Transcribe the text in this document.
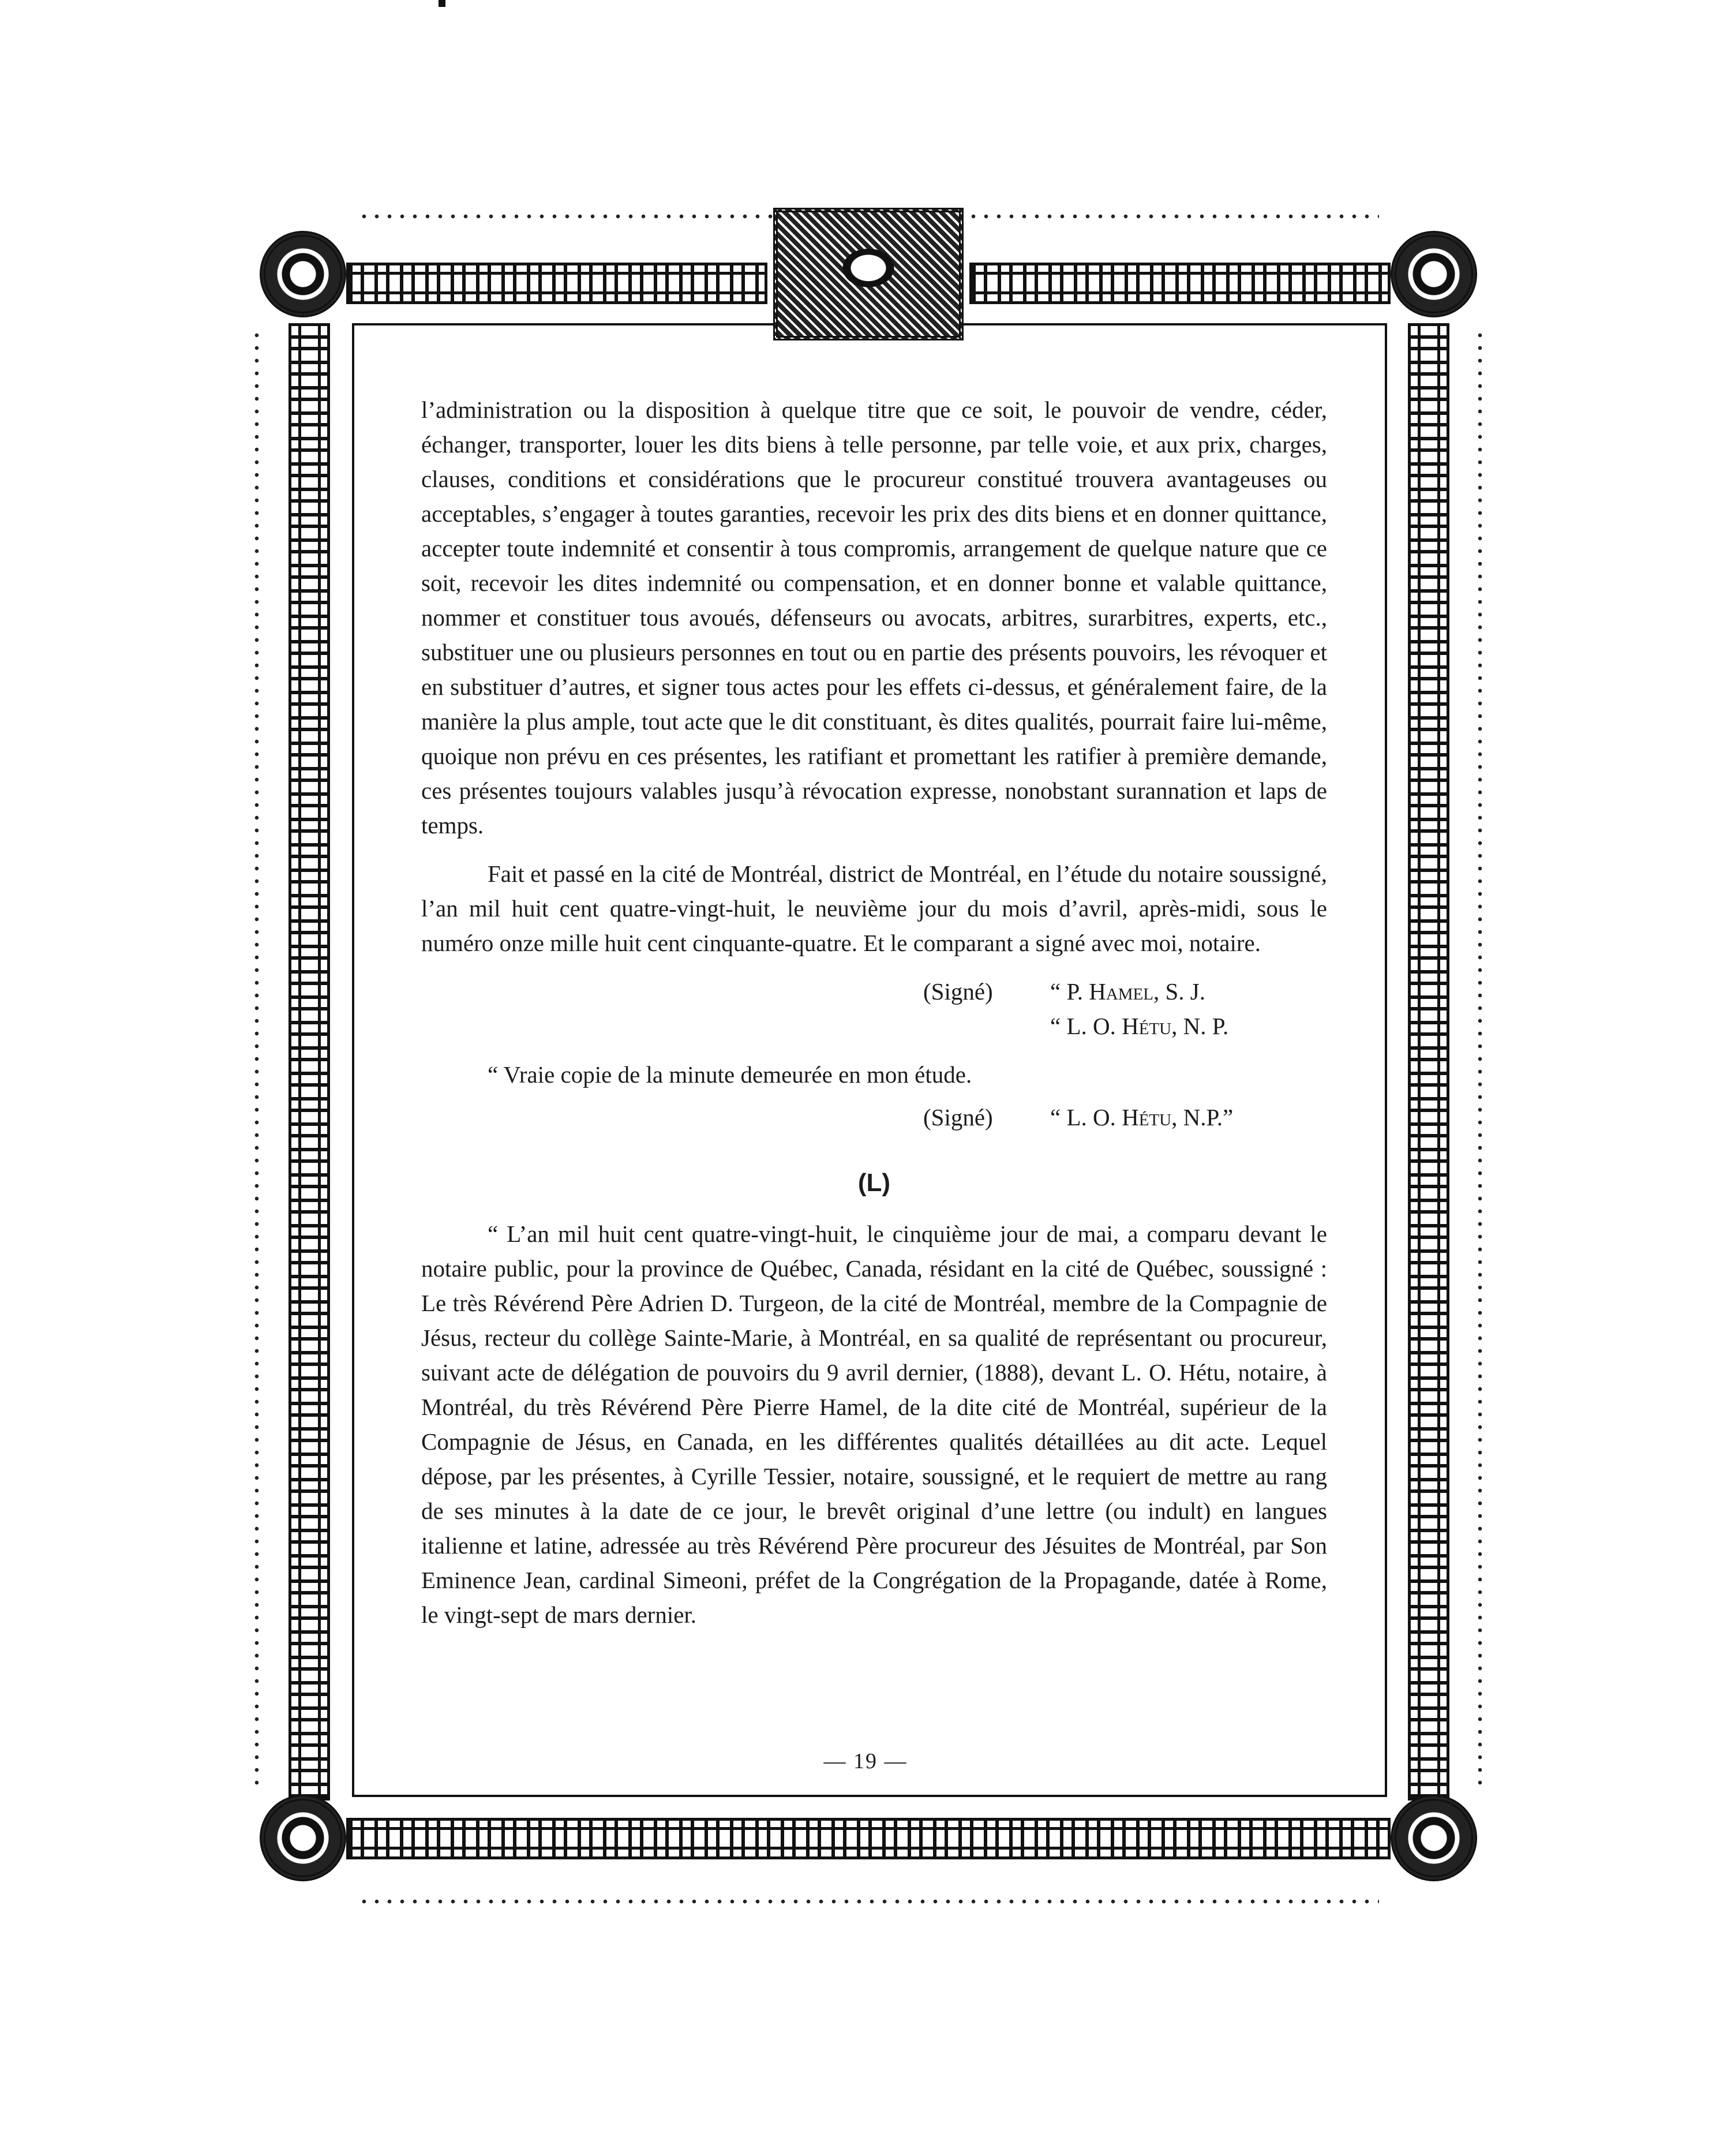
l’administration ou la disposition à quelque titre que ce soit, le pouvoir de vendre, céder, échanger, transporter, louer les dits biens à telle personne, par telle voie, et aux prix, charges, clauses, conditions et considérations que le procureur constitué trouvera avantageuses ou acceptables, s’engager à toutes garanties, recevoir les prix des dits biens et en donner quittance, accepter toute indemnité et consentir à tous compromis, arrangement de quelque nature que ce soit, recevoir les dites indemnité ou compensation, et en donner bonne et valable quittance, nommer et constituer tous avoués, défenseurs ou avocats, arbitres, surarbitres, experts, etc., substituer une ou plusieurs personnes en tout ou en partie des présents pouvoirs, les révoquer et en substituer d’autres, et signer tous actes pour les effets ci-dessus, et généralement faire, de la manière la plus ample, tout acte que le dit constituant, ès dites qualités, pourrait faire lui-même, quoique non prévu en ces présentes, les ratifiant et promettant les ratifier à première demande, ces présentes toujours valables jusqu’à révocation expresse, nonobstant surannation et laps de temps.

Fait et passé en la cité de Montréal, district de Montréal, en l’étude du notaire soussigné, l’an mil huit cent quatre-vingt-huit, le neuvième jour du mois d’avril, après-midi, sous le numéro onze mille huit cent cinquante-quatre. Et le comparant a signé avec moi, notaire.

(Signé)	“ P. Hamel, S. J.
“ L. O. Hétu, N. P.

“ Vraie copie de la minute demeurée en mon étude.

(Signé)	“ L. O. Hétu, N.P.”
(L)

“ L’an mil huit cent quatre-vingt-huit, le cinquième jour de mai, a comparu devant le notaire public, pour la province de Québec, Canada, résidant en la cité de Québec, soussigné : Le très Révérend Père Adrien D. Turgeon, de la cité de Montréal, membre de la Compagnie de Jésus, recteur du collège Sainte-Marie, à Montréal, en sa qualité de représentant ou procureur, suivant acte de délégation de pouvoirs du 9 avril dernier, (1888), devant L. O. Hétu, notaire, à Montréal, du très Révérend Père Pierre Hamel, de la dite cité de Montréal, supérieur de la Compagnie de Jésus, en Canada, en les différentes qualités détaillées au dit acte. Lequel dépose, par les présentes, à Cyrille Tessier, notaire, soussigné, et le requiert de mettre au rang de ses minutes à la date de ce jour, le brevêt original d’une lettre (ou indult) en langues italienne et latine, adressée au très Révérend Père procureur des Jésuites de Montréal, par Son Eminence Jean, cardinal Simeoni, préfet de la Congrégation de la Propagande, datée à Rome, le vingt-sept de mars dernier.

— 19 —
